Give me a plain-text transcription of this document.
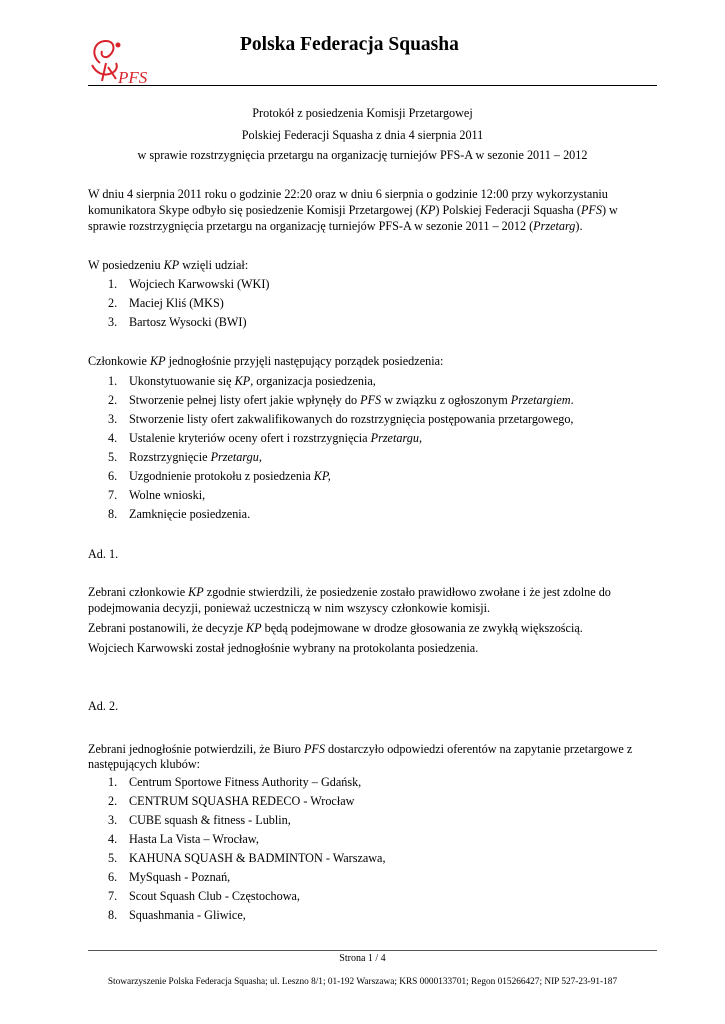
PFS
Polska Federacja Squasha
Protokół z posiedzenia Komisji Przetargowej
Polskiej Federacji Squasha z dnia 4 sierpnia 2011
w sprawie rozstrzygnięcia przetargu na organizację turniejów PFS-A w sezonie 2011 – 2012
W dniu 4 sierpnia 2011 roku o godzinie 22:20 oraz w dniu 6 sierpnia o godzinie 12:00 przy wykorzystaniu
komunikatora Skype odbyło się posiedzenie Komisji Przetargowej (KP) Polskiej Federacji Squasha (PFS) w
sprawie rozstrzygnięcia przetargu na organizację turniejów PFS-A w sezonie 2011 – 2012 (Przetarg).
W posiedzeniu KP wzięli udział:
1. Wojciech Karwowski (WKI)
2. Maciej Kliś (MKS)
3. Bartosz Wysocki (BWI)
Członkowie KP jednogłośnie przyjęli następujący porządek posiedzenia:
1. Ukonstytuowanie się KP, organizacja posiedzenia,
2. Stworzenie pełnej listy ofert jakie wpłynęły do PFS w związku z ogłoszonym Przetargiem.
3. Stworzenie listy ofert zakwalifikowanych do rozstrzygnięcia postępowania przetargowego,
4. Ustalenie kryteriów oceny ofert i rozstrzygnięcia Przetargu,
5. Rozstrzygnięcie Przetargu,
6. Uzgodnienie protokołu z posiedzenia KP,
7. Wolne wnioski,
8. Zamknięcie posiedzenia.
Ad. 1.
Zebrani członkowie KP zgodnie stwierdzili, że posiedzenie zostało prawidłowo zwołane i że jest zdolne do
podejmowania decyzji, ponieważ uczestniczą w nim wszyscy członkowie komisji.
Zebrani postanowili, że decyzje KP będą podejmowane w drodze głosowania ze zwykłą większością.
Wojciech Karwowski został jednogłośnie wybrany na protokolanta posiedzenia.
Ad. 2.
Zebrani jednogłośnie potwierdzili, że Biuro PFS dostarczyło odpowiedzi oferentów na zapytanie przetargowe z
następujących klubów:
1. Centrum Sportowe Fitness Authority – Gdańsk,
2. CENTRUM SQUASHA REDECO - Wrocław
3. CUBE squash & fitness - Lublin,
4. Hasta La Vista – Wrocław,
5. KAHUNA SQUASH & BADMINTON - Warszawa,
6. MySquash - Poznań,
7. Scout Squash Club - Częstochowa,
8. Squashmania - Gliwice,
Strona 1 / 4
Stowarzyszenie Polska Federacja Squasha; ul. Leszno 8/1; 01-192 Warszawa; KRS 0000133701; Regon 015266427; NIP 527-23-91-187
